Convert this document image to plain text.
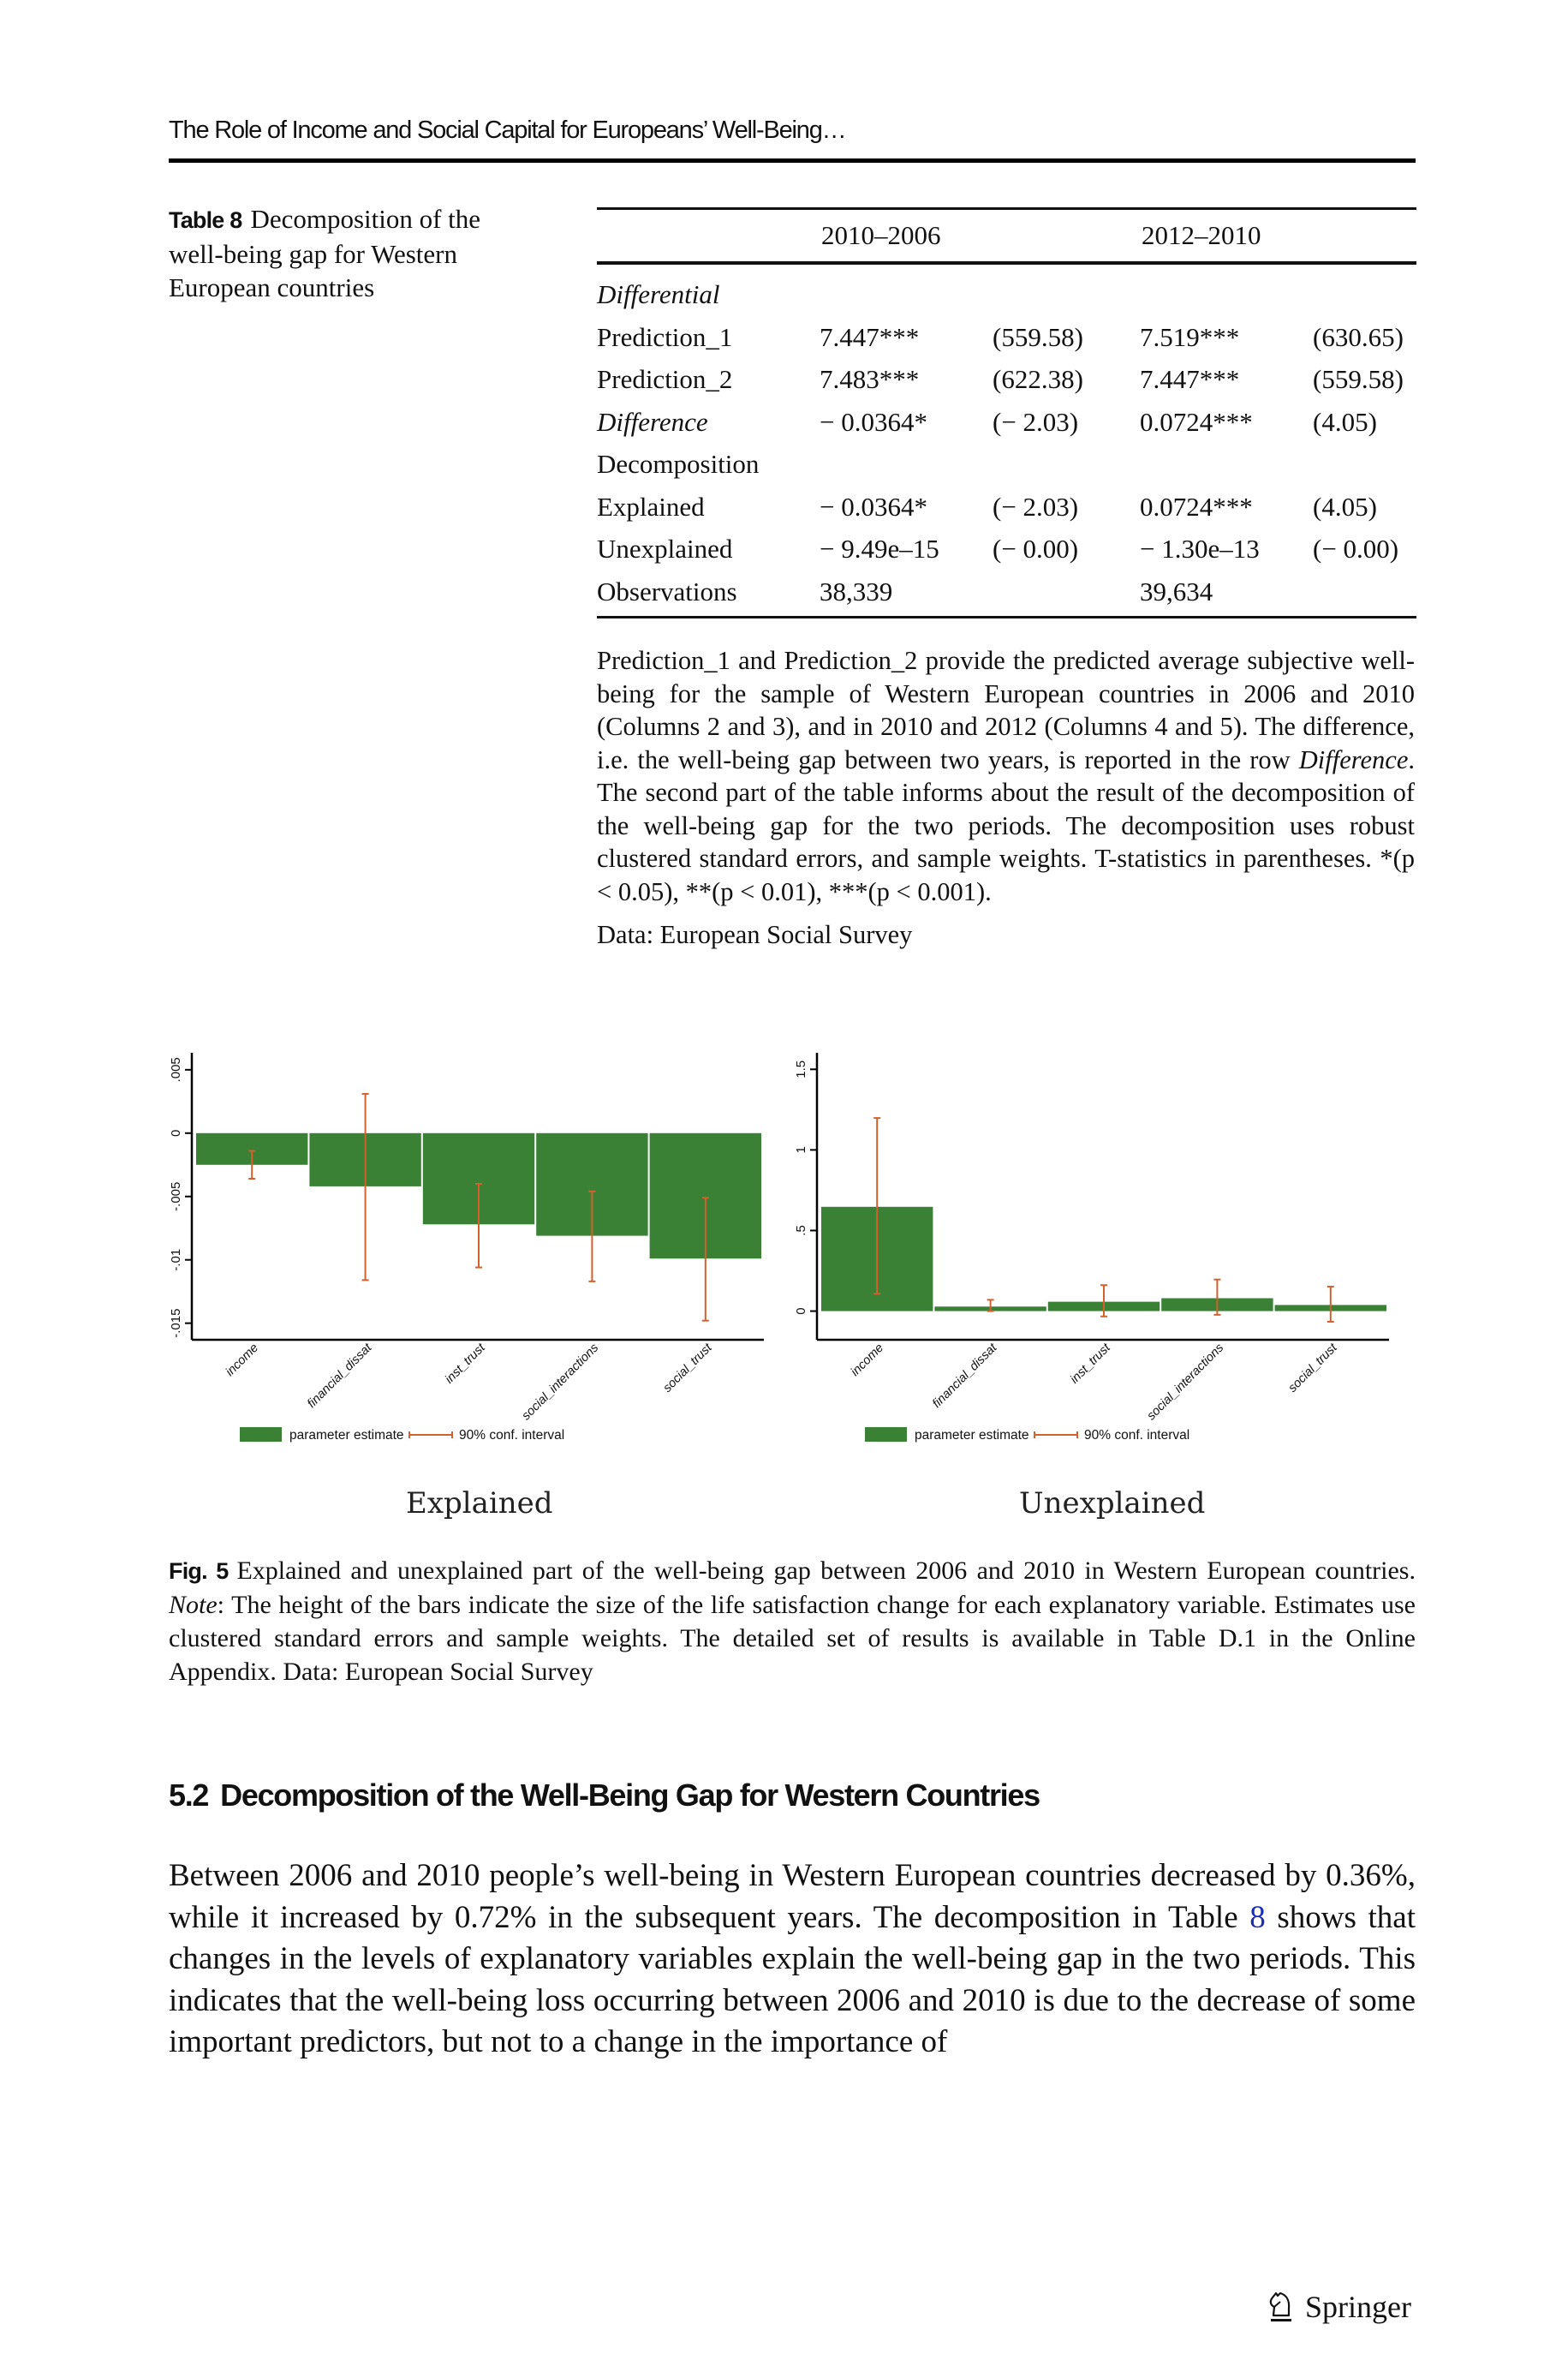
The Role of Income and Social Capital for Europeans’ Well-Being…
Table 8 Decomposition of the well-being gap for Western European countries
2010–2006	2012–2010
Differential
Prediction_1	7.447***	(559.58) 7.519***	(630.65)
Prediction_2	7.483***	(622.38) 7.447***	(559.58)
Difference	− 0.0364* (− 2.03) 0.0724*** (4.05)
Decomposition
Explained	− 0.0364* (− 2.03) 0.0724*** (4.05)
Unexplained	− 9.49e–15 (− 0.00) − 1.30e–13 (− 0.00)
Observations	38,339	39,634

Prediction_1 and Prediction_2 provide the predicted average subjective well-being for the sample of Western European countries in 2006 and 2010 (Columns 2 and 3), and in 2010 and 2012 (Columns 4 and 5). The difference, i.e. the well-being gap between two years, is reported in the row Difference. The second part of the table informs about the result of the decomposition of the well-being gap for the two periods. The decomposition uses robust clustered standard errors, and sample weights. T-statistics in parentheses. *(p < 0.05), **(p < 0.01), ***(p < 0.001).

Data: European Social Survey

-.015
-.01
-.005
0
.005
income	financial_dissat	inst_trust	social_interactions	social_trust
parameter estimate	90% conf. interval
Explained
0
.5
1
1.5
income	financial_dissat	inst_trust	social_interactions	social_trust
parameter estimate	90% conf. interval
Unexplained
Fig. 5 Explained and unexplained part of the well-being gap between 2006 and 2010 in Western European countries. Note: The height of the bars indicate the size of the life satisfaction change for each explanatory variable. Estimates use clustered standard errors and sample weights. The detailed set of results is available in Table D.1 in the Online Appendix. Data: European Social Survey
5.2 Decomposition of the Well-Being Gap for Western Countries
Between 2006 and 2010 people’s well-being in Western European countries decreased by 0.36%, while it increased by 0.72% in the subsequent years. The decomposition in Table 8 shows that changes in the levels of explanatory variables explain the well-being gap in the two periods. This indicates that the well-being loss occurring between 2006 and 2010 is due to the decrease of some important predictors, but not to a change in the importance of
Springer
